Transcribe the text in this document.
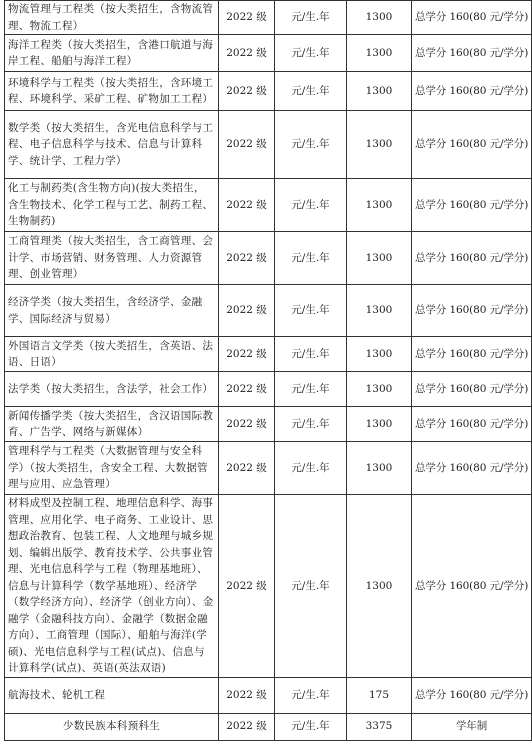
物流管理与工程类（按大类招生，含物流管理、物流工程）	2022 级	元/生.年	1300	总学分 160(80 元/学分)
海洋工程类（按大类招生，含港口航道与海岸工程、船舶与海洋工程）	2022 级	元/生.年	1300	总学分 160(80 元/学分)
环境科学与工程类（按大类招生，含环境工程、环境科学、采矿工程、矿物加工工程）	2022 级	元/生.年	1300	总学分 160(80 元/学分)
数学类（按大类招生，含光电信息科学与工程、电子信息科学与技术、信息与计算科学、统计学、工程力学）	2022 级	元/生.年	1300	总学分 160(80 元/学分)
化工与制药类(含生物方向)(按大类招生，含生物技术、化学工程与工艺、制药工程、生物制药)	2022 级	元/生.年	1300	总学分 160(80 元/学分)
工商管理类（按大类招生，含工商管理、会计学、市场营销、财务管理、人力资源管理、创业管理）	2022 级	元/生.年	1300	总学分 160(80 元/学分)
经济学类（按大类招生，含经济学、金融学、国际经济与贸易）	2022 级	元/生.年	1300	总学分 160(80 元/学分)
外国语言文学类（按大类招生，含英语、法语、日语）	2022 级	元/生.年	1300	总学分 160(80 元/学分)
法学类（按大类招生，含法学，社会工作）	2022 级	元/生.年	1300	总学分 160(80 元/学分)
新闻传播学类（按大类招生，含汉语国际教育、广告学、网络与新媒体）	2022 级	元/生.年	1300	总学分 160(80 元/学分)
管理科学与工程类（大数据管理与安全科学）（按大类招生，含安全工程、大数据管理与应用、应急管理）	2022 级	元/生.年	1300	总学分 160(80 元/学分)
材料成型及控制工程、地理信息科学、海事管理、应用化学、电子商务、工业设计、思想政治教育、包装工程、人文地理与城乡规划、编辑出版学、教育技术学、公共事业管理、光电信息科学与工程（物理基地班）、信息与计算科学（数学基地班）、经济学（数学经济方向）、经济学（创业方向）、金融学（金融科技方向）、金融学（数据金融方向）、工商管理（国际）、船舶与海洋(学硕)、光电信息科学与工程(试点)、信息与计算科学(试点)、英语(英法双语)	2022 级	元/生.年	1300	总学分 160(80 元/学分)
航海技术、轮机工程	2022 级	元/生.年	175	总学分 160(80 元/学分)
少数民族本科预科生	2022 级	元/生.年	3375	学年制
